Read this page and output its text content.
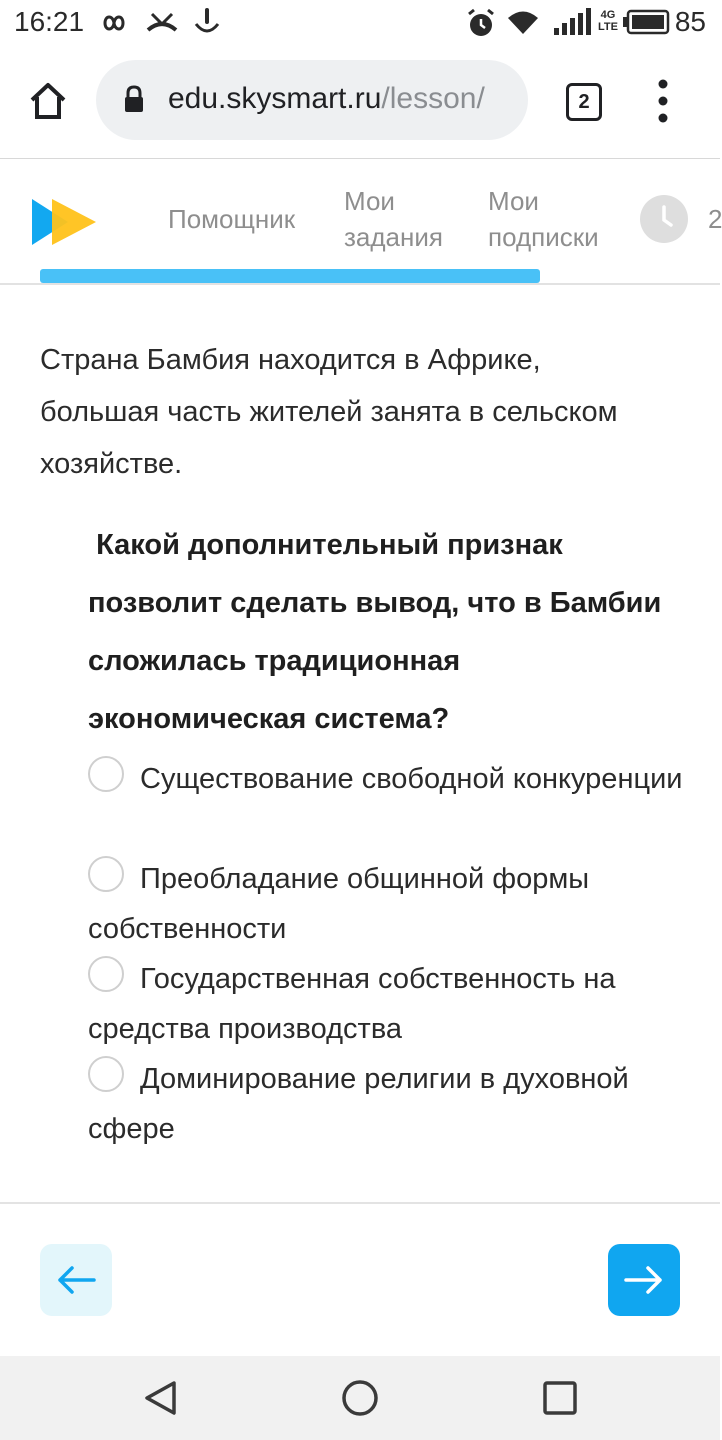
16:21	4G
LTE 85
edu.skysmart.ru/lesson/	2
Помощник
Мои
задания
Мои
подписки
2
Страна Бамбия находится в Африке, большая часть жителей занята в сельском хозяйстве.
Какой дополнительный признак позволит сделать вывод, что в Бамбии сложилась традиционная экономическая система?
Существование свободной конкуренции
Преобладание общинной формы собственности
Государственная собственность на средства производства
Доминирование религии в духовной сфере
